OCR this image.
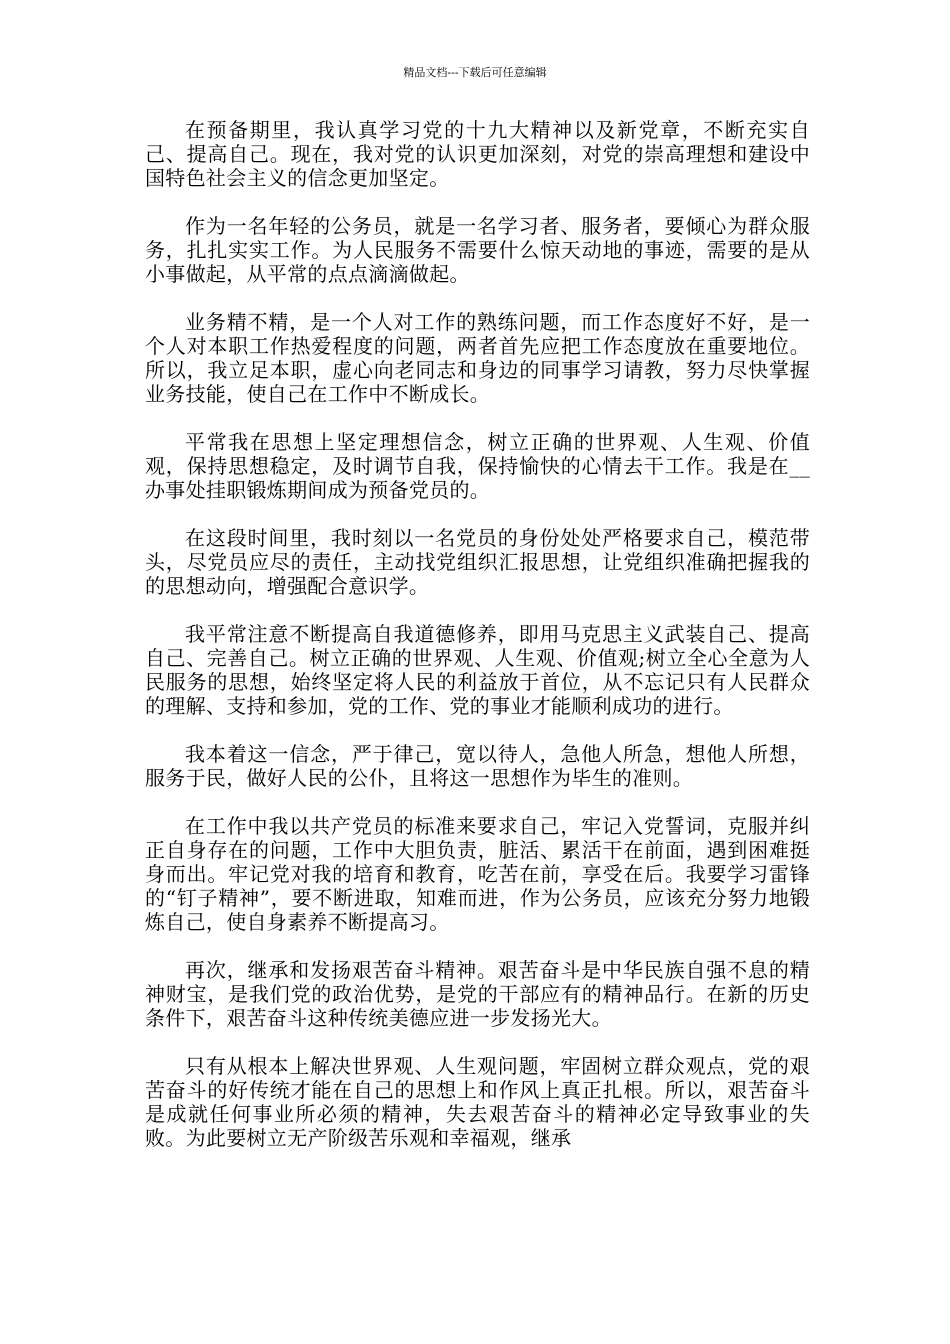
精品文档---下载后可任意编辑

在预备期里，我认真学习党的十九大精神以及新党章，不断充实自己、提高自己。现在，我对党的认识更加深刻，对党的崇高理想和建设中国特色社会主义的信念更加坚定。

作为一名年轻的公务员，就是一名学习者、服务者，要倾心为群众服务，扎扎实实工作。为人民服务不需要什么惊天动地的事迹，需要的是从小事做起，从平常的点点滴滴做起。

业务精不精，是一个人对工作的熟练问题，而工作态度好不好，是一个人对本职工作热爱程度的问题，两者首先应把工作态度放在重要地位。所以，我立足本职，虚心向老同志和身边的同事学习请教，努力尽快掌握业务技能，使自己在工作中不断成长。

平常我在思想上坚定理想信念，树立正确的世界观、人生观、价值观，保持思想稳定，及时调节自我，保持愉快的心情去干工作。我是在__办事处挂职锻炼期间成为预备党员的。

在这段时间里，我时刻以一名党员的身份处处严格要求自己，模范带头，尽党员应尽的责任，主动找党组织汇报思想，让党组织准确把握我的的思想动向，增强配合意识学。

我平常注意不断提高自我道德修养，即用马克思主义武装自己、提高自己、完善自己。树立正确的世界观、人生观、价值观;树立全心全意为人民服务的思想，始终坚定将人民的利益放于首位，从不忘记只有人民群众的理解、支持和参加，党的工作、党的事业才能顺利成功的进行。

我本着这一信念，严于律己，宽以待人，急他人所急，想他人所想，服务于民，做好人民的公仆，且将这一思想作为毕生的准则。

在工作中我以共产党员的标准来要求自己，牢记入党誓词，克服并纠正自身存在的问题，工作中大胆负责，脏活、累活干在前面，遇到困难挺身而出。牢记党对我的培育和教育，吃苦在前，享受在后。我要学习雷锋的“钉子精神”，要不断进取，知难而进，作为公务员，应该充分努力地锻炼自己，使自身素养不断提高习。

再次，继承和发扬艰苦奋斗精神。艰苦奋斗是中华民族自强不息的精神财宝，是我们党的政治优势，是党的干部应有的精神品行。在新的历史条件下，艰苦奋斗这种传统美德应进一步发扬光大。

只有从根本上解决世界观、人生观问题，牢固树立群众观点，党的艰苦奋斗的好传统才能在自己的思想上和作风上真正扎根。所以，艰苦奋斗是成就任何事业所必须的精神，失去艰苦奋斗的精神必定导致事业的失败。为此要树立无产阶级苦乐观和幸福观，继承
